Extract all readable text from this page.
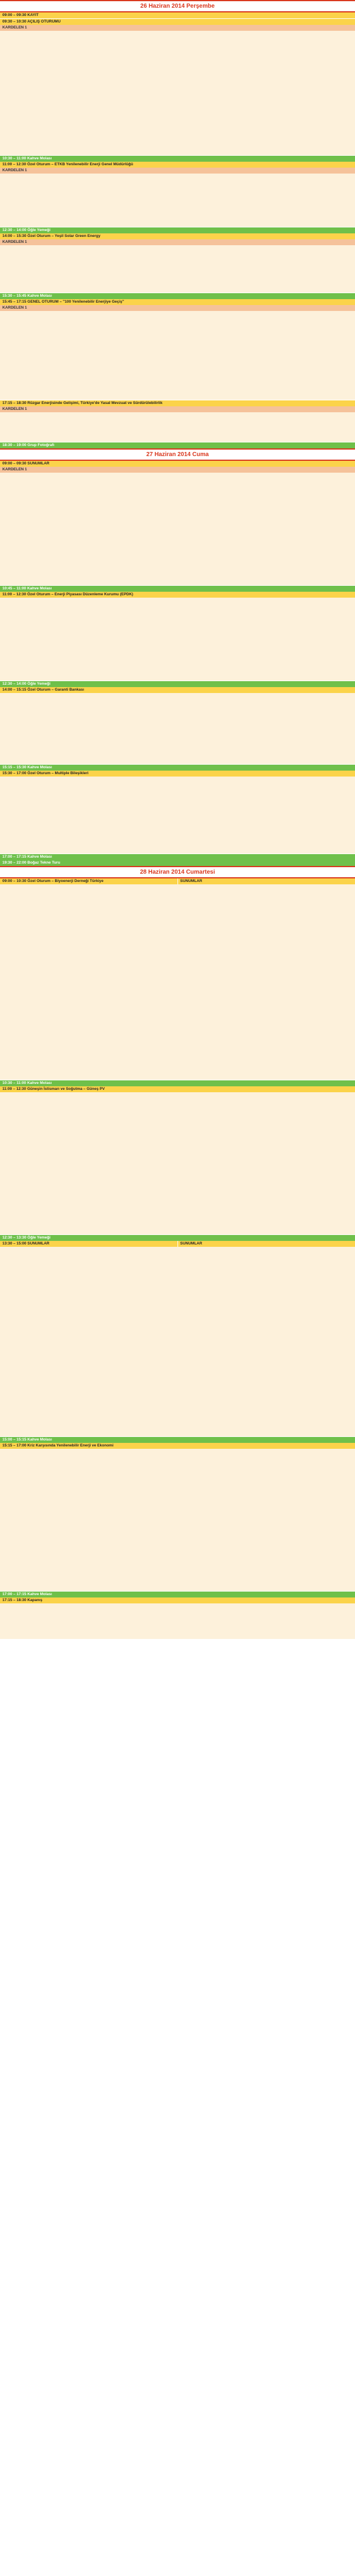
26 Haziran 2014 Perşembe
09:00 – 09:30 KAYIT
09:30 – 10:30 AÇILIŞ OTURUMU
KARDELEN 1
10:30 – 11:00 Kahve Molası
11:00 – 12:30 Özel Oturum – ETKB Yenilenebilir Enerji Genel Müdürlüğü
KARDELEN 1
12:30 – 14:00 Öğle Yemeği
14:00 – 15:30 Özel Oturum – Yeşil Solar Green Energy
KARDELEN 1
15:30 – 15:45 Kahve Molası
15:45 – 17:15 GENEL OTURUM – "100 Yenilenebilir Enerjiye Geçiş"
KARDELEN 1
17:15 – 18:30 Rüzgar Enerjisinde Gelişimi, Türkiye'de Yasal Mevzuat ve Sürdürülebilirlik
KARDELEN 1
18:30 – 19:00 Grup Fotoğrafı
27 Haziran 2014 Cuma
09:00 – 09:30 SUNUMLAR
KARDELEN 1
10:45 – 11:00 Kahve Molası
11:00 – 12:30 Özel Oturum – Enerji Piyasası Düzenleme Kurumu (EPDK)
12:30 – 14:00 Öğle Yemeği
14:00 – 15:15 Özel Oturum – Garanti Bankası
15:15 – 15:30 Kahve Molası
15:30 – 17:00 Özel Oturum – Multiple Bileşikleri
17:00 – 17:15 Kahve Molası
19:30 – 22:00 Boğaz Tekne Turu
28 Haziran 2014 Cumartesi
09:00 – 10:30 Özel Oturum – Biyoenerji Derneği Türkiye	SUNUMLAR
10:30 – 11:00 Kahve Molası
11:00 – 12:30 Güneşin İstismarı ve Soğutma – Güneş PV
12:30 – 13:30 Öğle Yemeği
13:30 – 15:00 SUNUMLAR	SUNUMLAR
15:00 – 15:15 Kahve Molası
15:15 – 17:00 Kriz Karşısında Yenilenebilir Enerji ve Ekonomi
17:00 – 17:15 Kahve Molası
17:15 – 18:30 Kapanış
